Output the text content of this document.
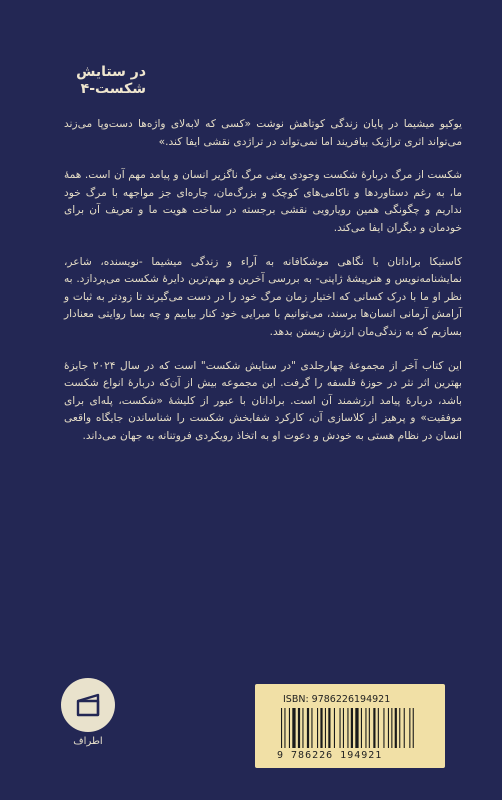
در ستایش
شکست-۴

یوکیو میشیما در پایان زندگی کوتاهش نوشت «کسی که لابه‌لای واژه‌ها دست‌وپا می‌زند می‌تواند اثری تراژیک بیافریند اما نمی‌تواند در تراژدی نقشی ایفا کند.»

شکست از مرگ دربارهٔ شکست وجودی یعنی مرگ ناگزیر انسان و پیامد مهم آن است. همهٔ ما، به رغم دستاوردها و ناکامی‌های کوچک و بزرگ‌مان، چاره‌ای جز مواجهه با مرگ خود نداریم و چگونگی همین رویارویی نقشی برجسته در ساخت هویت ما و تعریف آن برای خودمان و دیگران ایفا می‌کند.

کاستیکا براداتان با نگاهی موشکافانه به آراء و زندگی میشیما -نویسنده، شاعر، نمایشنامه‌نویس و هنرپیشهٔ ژاپنی- به بررسی آخرین و مهم‌ترین دایرهٔ شکست می‌پردازد. به نظر او ما با درک کسانی که اختیار زمان مرگ خود را در دست می‌گیرند تا زودتر به ثبات و آرامش آرمانی انسان‌ها برسند، می‌توانیم با میرایی خود کنار بیاییم و چه بسا روایتی معنادار بسازیم که به زندگی‌مان ارزش زیستن بدهد.

این کتاب آخر از مجموعهٔ چهارجلدی "در ستایش شکست" است که در سال ۲۰۲۴ جایزهٔ بهترین اثر نثر در حوزهٔ فلسفه را گرفت. این مجموعه بیش از آن‌که دربارهٔ انواع شکست باشد، دربارهٔ پیامد ارزشمند آن است. براداتان با عبور از کلیشهٔ «شکست، پله‌ای برای موفقیت» و پرهیز از کلاسازی آن، کارکرد شفابخش شکست را شناساندن جایگاه واقعی انسان در نظام هستی به خودش و دعوت او به اتخاذ رویکردی فروتنانه به جهان می‌داند.

اطراف
ISBN: 9786226194921
9 786226 194921
